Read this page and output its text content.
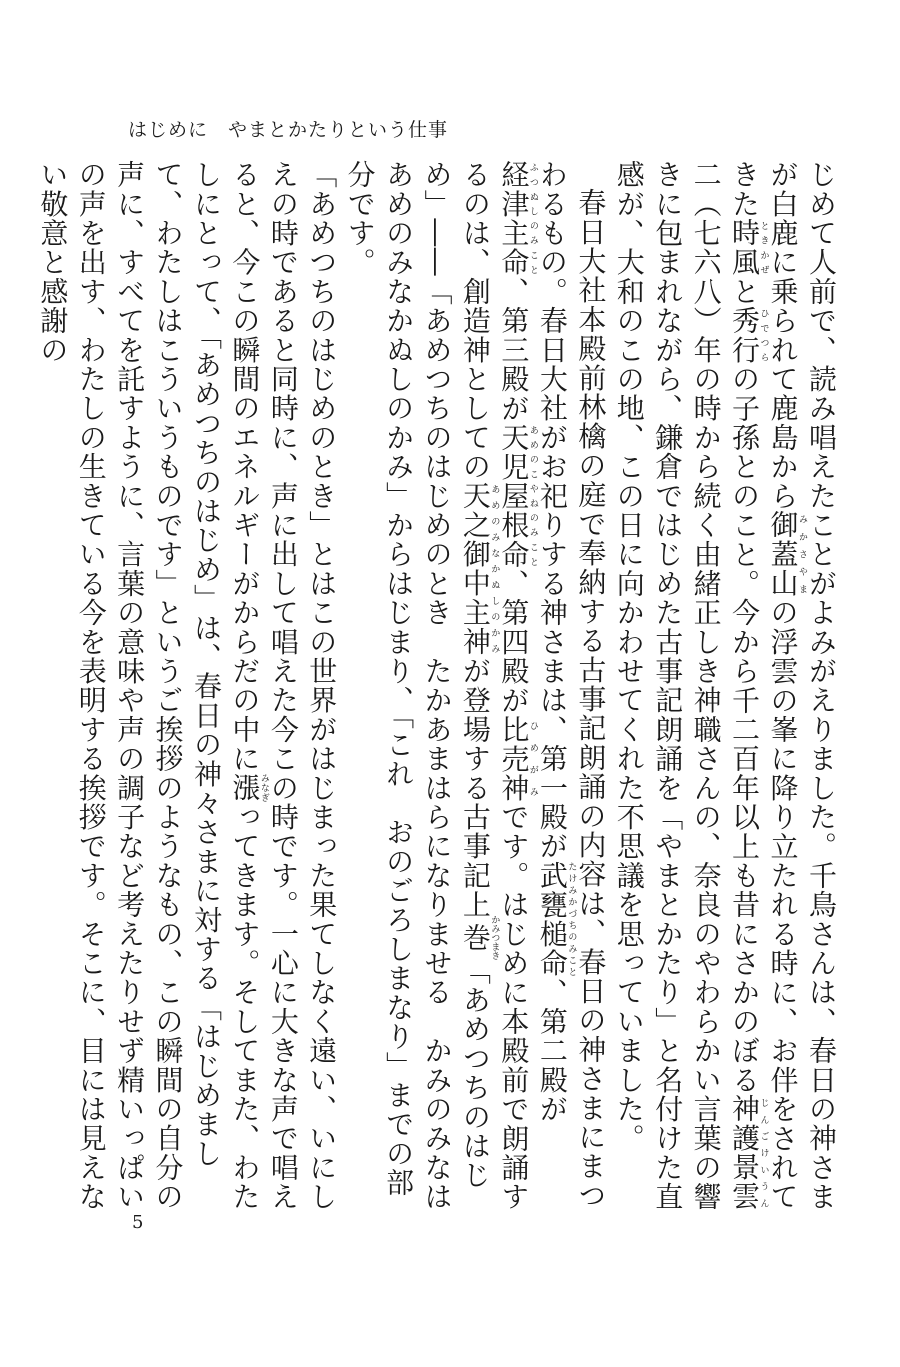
はじめに　やまとかたりという仕事

じめて人前で、読み唱えたことがよみがえりました。千鳥さんは、春日の神さまが白鹿に乗られて鹿島から御蓋山みかさやまの浮雲の峯に降り立たれる時に、お伴をされてきた時風ときかぜと秀行ひでつらの子孫とのこと。今から千二百年以上も昔にさかのぼる神護景雲じんごけいうん二（七六八）年の時から続く由緒正しき神職さんの、奈良のやわらかい言葉の響きに包まれながら、鎌倉ではじめた古事記朗誦を「やまとかたり」と名付けた直感が、大和のこの地、この日に向かわせてくれた不思議を思っていました。

春日大社本殿前林檎の庭で奉納する古事記朗誦の内容は、春日の神さまにまつわるもの。春日大社がお祀りする神さまは、第一殿が武甕槌命たけみかづちのみこと、第二殿が経津主命ふつぬしのみこと、第三殿が天児屋根命あめのこやねのみこと、第四殿が比売神ひめがみです。はじめに本殿前で朗誦するのは、創造神としての天之御中主神あめのみなかぬしのかみが登場する古事記上巻かみつまき「あめつちのはじめ」――「あめつちのはじめのとき　たかあまはらになりませる　かみのみなは　あめのみなかぬしのかみ」からはじまり、「これ　おのごろしまなり」までの部分です。

「あめつちのはじめのとき」とはこの世界がはじまった果てしなく遠い、いにしえの時であると同時に、声に出して唱えた今この時です。一心に大きな声で唱えると、今この瞬間のエネルギーがからだの中に漲みなぎってきます。そしてまた、わたしにとって、「あめつちのはじめ」は、春日の神々さまに対する「はじめまして、わたしはこういうものです」というご挨拶のようなもの、この瞬間の自分の声に、すべてを託すように、言葉の意味や声の調子など考えたりせず精いっぱいの声を出す、わたしの生きている今を表明する挨拶です。そこに、目には見えない敬意と感謝の

5
